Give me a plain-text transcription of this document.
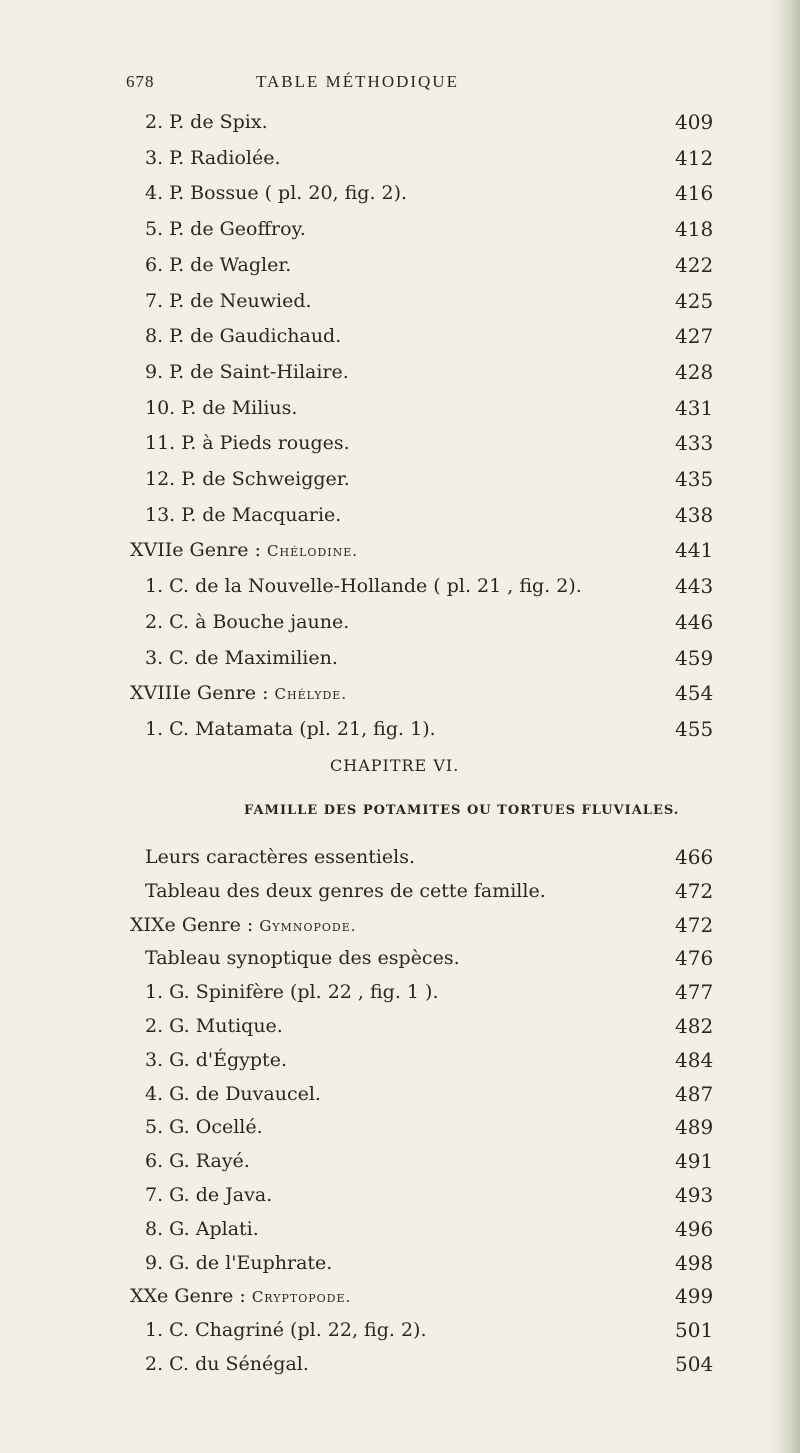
678	TABLE MÉTHODIQUE
2. P. de Spix.	409
3. P. Radiolée.	412
4. P. Bossue ( pl. 20, fig. 2).	416
5. P. de Geoffroy.	418
6. P. de Wagler.	422
7. P. de Neuwied.	425
8. P. de Gaudichaud.	427
9. P. de Saint-Hilaire.	428
10. P. de Milius.	431
11. P. à Pieds rouges.	433
12. P. de Schweigger.	435
13. P. de Macquarie.	438
XVIIe Genre : Chélodine.	441
1. C. de la Nouvelle-Hollande ( pl. 21 , fig. 2).	443
2. C. à Bouche jaune.	446
3. C. de Maximilien.	459
XVIIIe Genre : Chélyde.	454
1. C. Matamata (pl. 21, fig. 1).	455
CHAPITRE VI.
FAMILLE DES POTAMITES OU TORTUES FLUVIALES.
Leurs caractères essentiels.	466
Tableau des deux genres de cette famille.	472
XIXe Genre : Gymnopode.	472
Tableau synoptique des espèces.	476
1. G. Spinifère (pl. 22 , fig. 1 ).	477
2. G. Mutique.	482
3. G. d'Égypte.	484
4. G. de Duvaucel.	487
5. G. Ocellé.	489
6. G. Rayé.	491
7. G. de Java.	493
8. G. Aplati.	496
9. G. de l'Euphrate.	498
XXe Genre : Cryptopode.	499
1. C. Chagriné (pl. 22, fig. 2).	501
2. C. du Sénégal.	504
